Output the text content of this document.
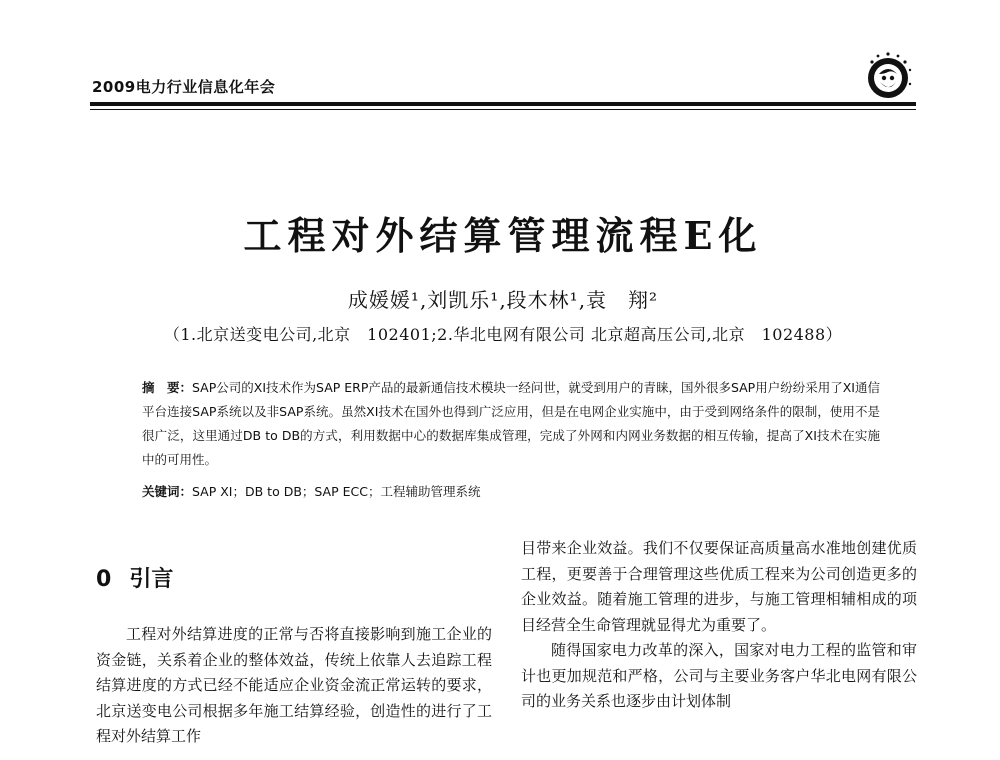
2009电力行业信息化年会
工程对外结算管理流程E化
成媛媛¹,刘凯乐¹,段木林¹,袁　翔²
（1.北京送变电公司,北京　102401;2.华北电网有限公司 北京超高压公司,北京　102488）
摘　要：SAP公司的XI技术作为SAP ERP产品的最新通信技术模块一经问世，就受到用户的青睐，国外很多SAP用户纷纷采用了XI通信平台连接SAP系统以及非SAP系统。虽然XI技术在国外也得到广泛应用，但是在电网企业实施中，由于受到网络条件的限制，使用不是很广泛，这里通过DB to DB的方式，利用数据中心的数据库集成管理，完成了外网和内网业务数据的相互传输，提高了XI技术在实施中的可用性。
关键词：SAP XI；DB to DB；SAP ECC；工程辅助管理系统
0 引言

工程对外结算进度的正常与否将直接影响到施工企业的资金链，关系着企业的整体效益，传统上依靠人去追踪工程结算进度的方式已经不能适应企业资金流正常运转的要求，北京送变电公司根据多年施工结算经验，创造性的进行了工程对外结算工作

目带来企业效益。我们不仅要保证高质量高水准地创建优质工程，更要善于合理管理这些优质工程来为公司创造更多的企业效益。随着施工管理的进步，与施工管理相辅相成的项目经营全生命管理就显得尤为重要了。

随得国家电力改革的深入，国家对电力工程的监管和审计也更加规范和严格，公司与主要业务客户华北电网有限公司的业务关系也逐步由计划体制
